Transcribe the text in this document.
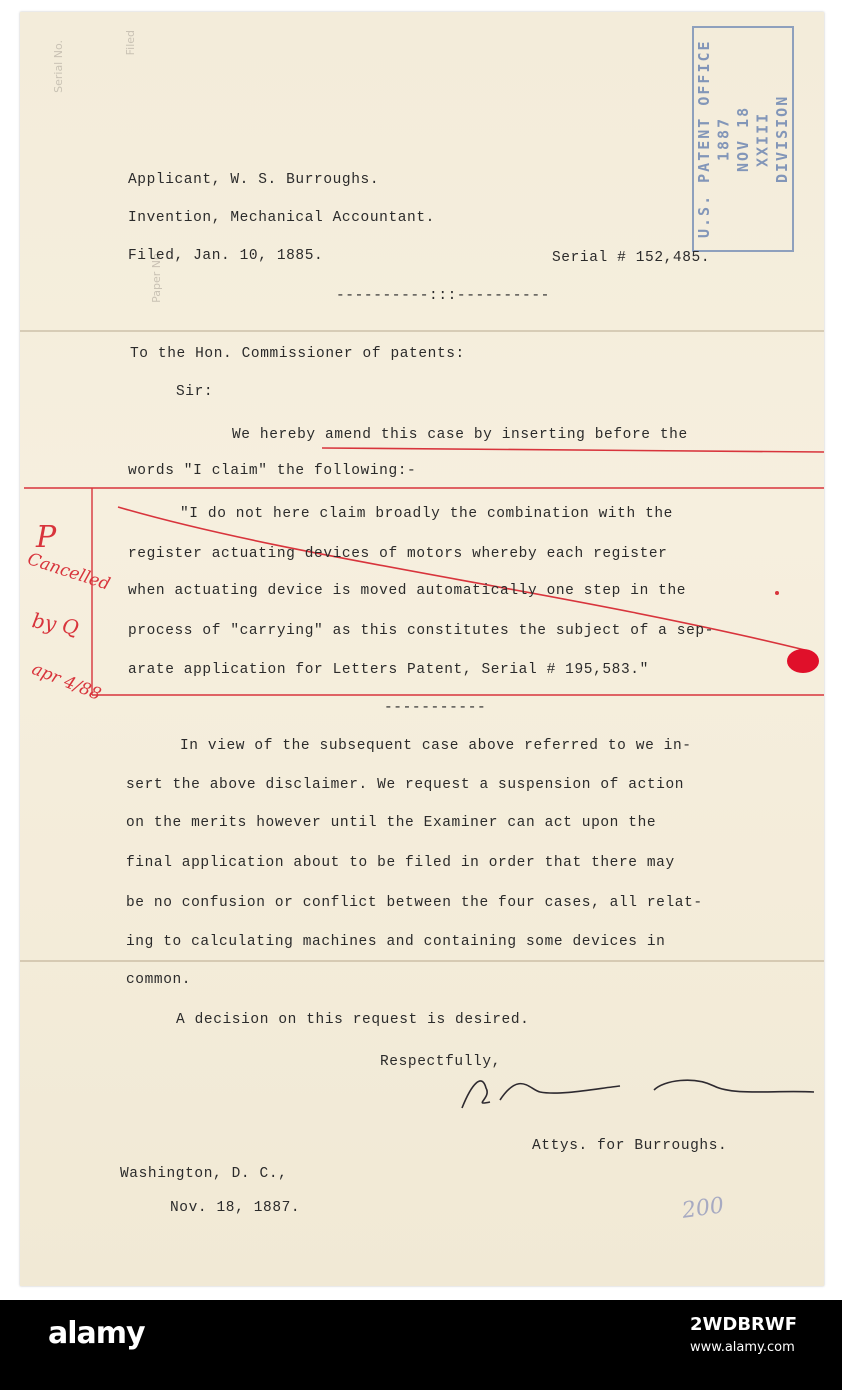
Serial No.	Filed
Paper No.
DIVISION
XXIII
NOV 18
1887
U.S. PATENT OFFICE
Applicant, W. S. Burroughs.
Invention, Mechanical Accountant.
Filed, Jan. 10, 1885.	Serial # 152,485.
----------:::----------
To the Hon. Commissioner of patents:
Sir:
We hereby amend this case by inserting before the
words "I claim" the following:-
"I do not here claim broadly the combination with the
register actuating devices of motors whereby each register
when actuating device is moved automatically one step in the
process of "carrying" as this constitutes the subject of a sep-
arate application for Letters Patent, Serial # 195,583."
-----------
In view of the subsequent case above referred to we in-
sert the above disclaimer. We request a suspension of action
on the merits however until the Examiner can act upon the
final application about to be filed in order that there may
be no confusion or conflict between the four cases, all relat-
ing to calculating machines and containing some devices in
common.
A decision on this request is desired.
Respectfully,
Attys. for Burroughs.
Washington, D. C.,
Nov. 18, 1887.
P
Cancelled
by Q
apr 4/88
200
alamy	2WDBRWF
www.alamy.com
